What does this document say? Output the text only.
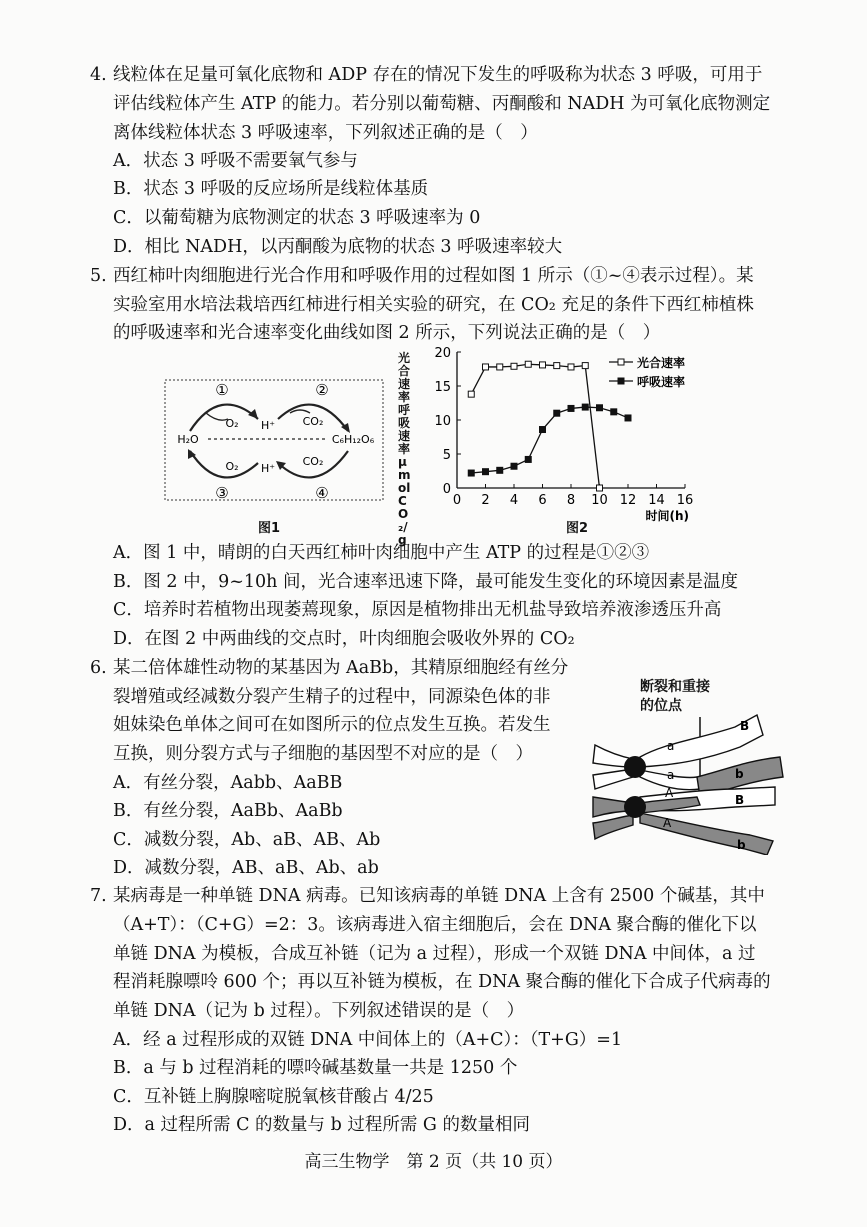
4. 线粒体在足量可氧化底物和 ADP 存在的情况下发生的呼吸称为状态 3 呼吸，可用于
评估线粒体产生 ATP 的能力。若分别以葡萄糖、丙酮酸和 NADH 为可氧化底物测定
离体线粒体状态 3 呼吸速率，下列叙述正确的是（　）
A．状态 3 呼吸不需要氧气参与
B．状态 3 呼吸的反应场所是线粒体基质
C．以葡萄糖为底物测定的状态 3 呼吸速率为 0
D．相比 NADH，以丙酮酸为底物的状态 3 呼吸速率较大
5. 西红柿叶肉细胞进行光合作用和呼吸作用的过程如图 1 所示（①~④表示过程）。某
实验室用水培法栽培西红柿进行相关实验的研究，在 CO₂ 充足的条件下西红柿植株
的呼吸速率和光合速率变化曲线如图 2 所示，下列说法正确的是（　）
①	②
③	④
O₂ H⁺	CO₂
O₂ H⁺
CO₂
H₂O	C₆H₁₂O₆
图1
0 2 4 6 8 10 12 14 16
0
5
10
15
20
时间(h)
光合速率
呼吸速率
光合速率 呼吸速率 μmolCO₂/g
图2
A．图 1 中，晴朗的白天西红柿叶肉细胞中产生 ATP 的过程是①②③
B．图 2 中，9~10h 间，光合速率迅速下降，最可能发生变化的环境因素是温度
C．培养时若植物出现萎蔫现象，原因是植物排出无机盐导致培养液渗透压升高
D．在图 2 中两曲线的交点时，叶肉细胞会吸收外界的 CO₂
6. 某二倍体雄性动物的某基因为 AaBb，其精原细胞经有丝分
裂增殖或经减数分裂产生精子的过程中，同源染色体的非
姐妹染色单体之间可在如图所示的位点发生互换。若发生
互换，则分裂方式与子细胞的基因型不对应的是（　）
A．有丝分裂，Aabb、AaBB
B．有丝分裂，AaBb、AaBb
C．减数分裂，Ab、aB、AB、Ab
D．减数分裂，AB、aB、Ab、ab
断裂和重接
的位点
B
a
a	b
B
A
A
b
7. 某病毒是一种单链 DNA 病毒。已知该病毒的单链 DNA 上含有 2500 个碱基，其中
（A+T）：（C+G）=2：3。该病毒进入宿主细胞后，会在 DNA 聚合酶的催化下以
单链 DNA 为模板，合成互补链（记为 a 过程），形成一个双链 DNA 中间体，a 过
程消耗腺嘌呤 600 个；再以互补链为模板，在 DNA 聚合酶的催化下合成子代病毒的
单链 DNA（记为 b 过程）。下列叙述错误的是（　）
A．经 a 过程形成的双链 DNA 中间体上的（A+C）：（T+G）=1
B．a 与 b 过程消耗的嘌呤碱基数量一共是 1250 个
C．互补链上胸腺嘧啶脱氧核苷酸占 4/25
D．a 过程所需 C 的数量与 b 过程所需 G 的数量相同
高三生物学　第 2 页（共 10 页）
